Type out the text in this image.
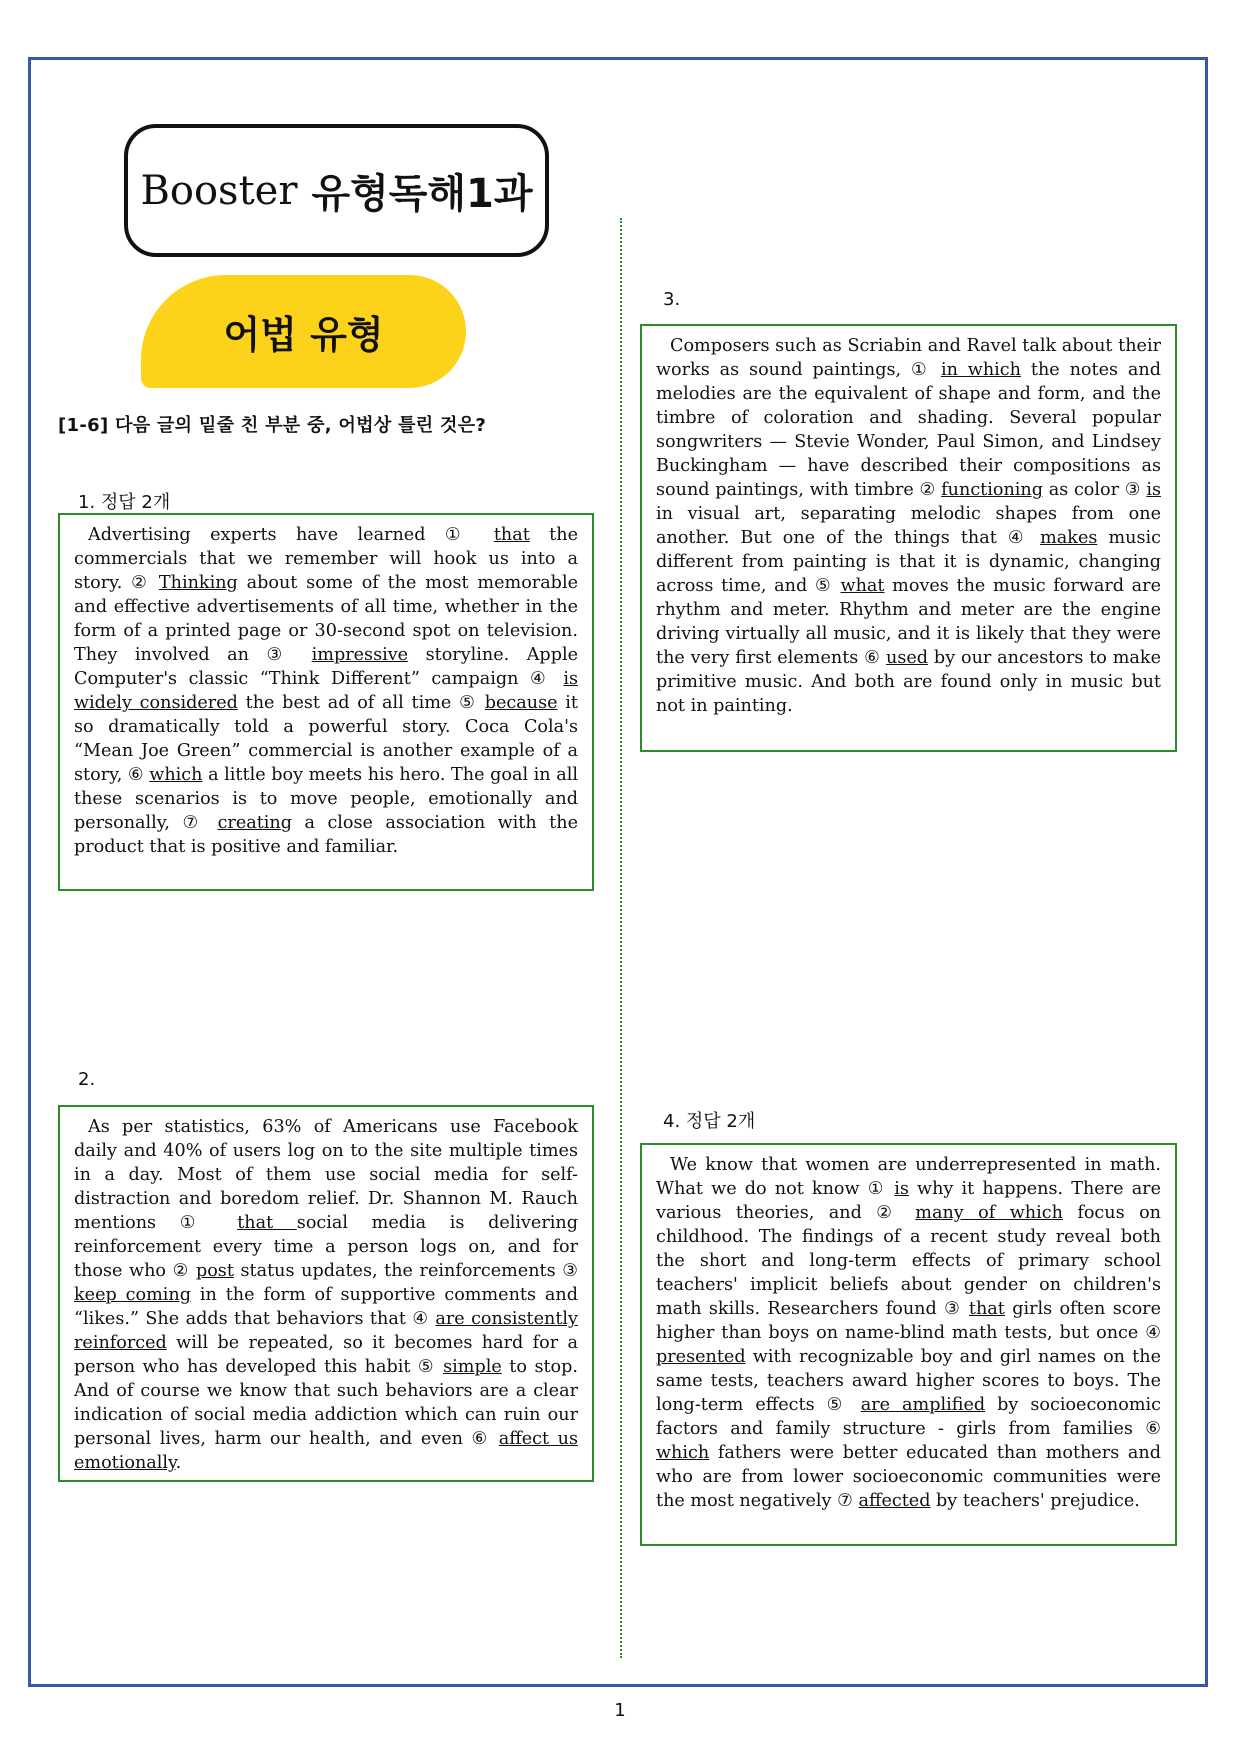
Booster 유형독해1과
어법 유형
[1-6] 다음 글의 밑줄 친 부분 중, 어법상 틀린 것은?
1. 정답 2개
Advertising experts have learned ① that the commercials that we remember will hook us into a story. ② Thinking about some of the most memorable and effective advertisements of all time, whether in the form of a printed page or 30-second spot on television. They involved an ③ impressive storyline. Apple Computer's classic “Think Different” campaign ④ is widely considered the best ad of all time ⑤ because it so dramatically told a powerful story. Coca Cola's “Mean Joe Green” commercial is another example of a story, ⑥ which a little boy meets his hero. The goal in all these scenarios is to move people, emotionally and personally, ⑦ creating a close association with the product that is positive and familiar.
2.
As per statistics, 63% of Americans use Facebook daily and 40% of users log on to the site multiple times in a day. Most of them use social media for self-distraction and boredom relief. Dr. Shannon M. Rauch mentions ① that social media is delivering reinforcement every time a person logs on, and for those who ② post status updates, the reinforcements ③ keep coming in the form of supportive comments and “likes.” She adds that behaviors that ④ are consistently reinforced will be repeated, so it becomes hard for a person who has developed this habit ⑤ simple to stop. And of course we know that such behaviors are a clear indication of social media addiction which can ruin our personal lives, harm our health, and even ⑥ affect us emotionally.
3.
Composers such as Scriabin and Ravel talk about their works as sound paintings, ① in which the notes and melodies are the equivalent of shape and form, and the timbre of coloration and shading. Several popular songwriters — Stevie Wonder, Paul Simon, and Lindsey Buckingham — have described their compositions as sound paintings, with timbre ② functioning as color ③ is in visual art, separating melodic shapes from one another. But one of the things that ④ makes music different from painting is that it is dynamic, changing across time, and ⑤ what moves the music forward are rhythm and meter. Rhythm and meter are the engine driving virtually all music, and it is likely that they were the very first elements ⑥ used by our ancestors to make primitive music. And both are found only in music but not in painting.
4. 정답 2개
We know that women are underrepresented in math. What we do not know ① is why it happens. There are various theories, and ② many of which focus on childhood. The findings of a recent study reveal both the short and long-term effects of primary school teachers' implicit beliefs about gender on children's math skills. Researchers found ③ that girls often score higher than boys on name-blind math tests, but once ④ presented with recognizable boy and girl names on the same tests, teachers award higher scores to boys. The long-term effects ⑤ are amplified by socioeconomic factors and family structure - girls from families ⑥ which fathers were better educated than mothers and who are from lower socioeconomic communities were the most negatively ⑦ affected by teachers' prejudice.
1
